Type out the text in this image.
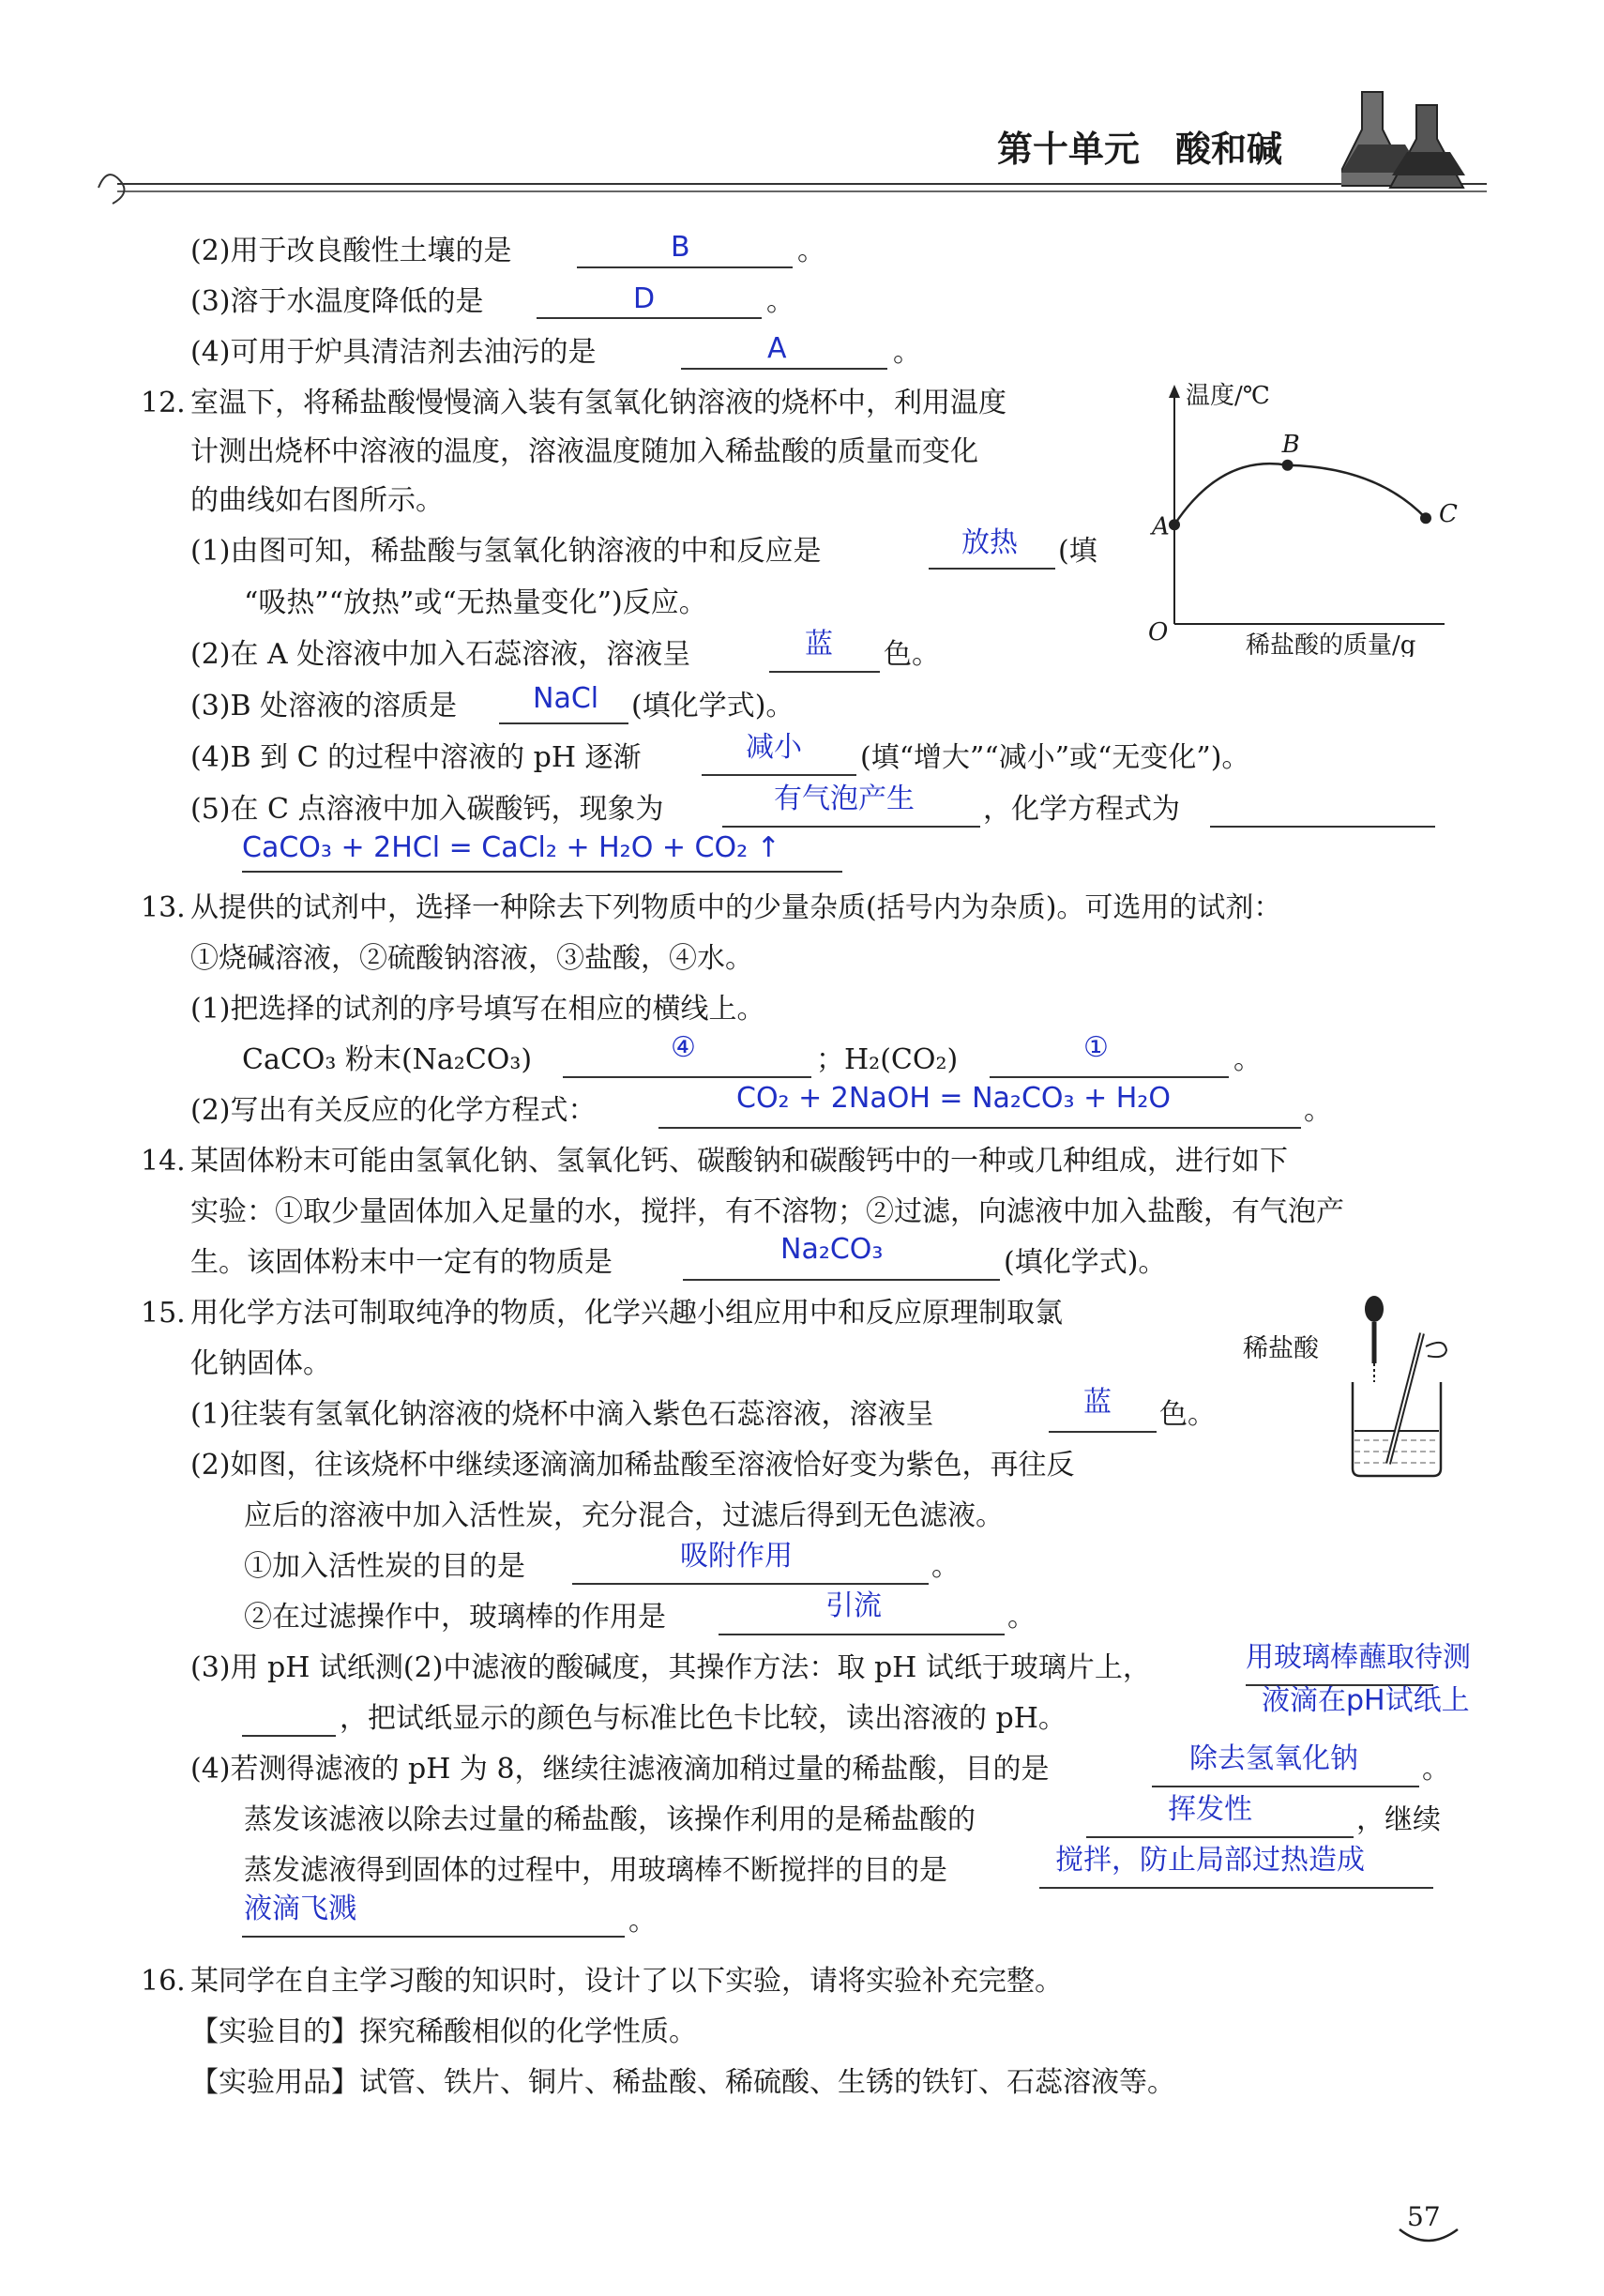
第十单元　酸和碱
(2)用于改良酸性土壤的是	B	。
(3)溶于水温度降低的是	D	。
(4)可用于炉具清洁剂去油污的是	A	。
12. 室温下，将稀盐酸慢慢滴入装有氢氧化钠溶液的烧杯中，利用温度
计测出烧杯中溶液的温度，溶液温度随加入稀盐酸的质量而变化
的曲线如右图所示。
温度/℃
稀盐酸的质量/g
O
A
B
C
(1)由图可知，稀盐酸与氢氧化钠溶液的中和反应是	放热 (填
“吸热”“放热”或“无热量变化”)反应。
(2)在 A 处溶液中加入石蕊溶液，溶液呈	蓝 色。
(3)B 处溶液的溶质是	NaCl (填化学式)。
(4)B 到 C 的过程中溶液的 pH 逐渐	减小 (填“增大”“减小”或“无变化”)。
(5)在 C 点溶液中加入碳酸钙，现象为	有气泡产生 ，化学方程式为
CaCO₃ + 2HCl = CaCl₂ + H₂O + CO₂ ↑
13. 从提供的试剂中，选择一种除去下列物质中的少量杂质(括号内为杂质)。可选用的试剂：
①烧碱溶液，②硫酸钠溶液，③盐酸，④水。
(1)把选择的试剂的序号填写在相应的横线上。
CaCO₃ 粉末(Na₂CO₃)	④	；H₂(CO₂)	①	。
(2)写出有关反应的化学方程式：	CO₂ + 2NaOH = Na₂CO₃ + H₂O	。
14. 某固体粉末可能由氢氧化钠、氢氧化钙、碳酸钠和碳酸钙中的一种或几种组成，进行如下
实验：①取少量固体加入足量的水，搅拌，有不溶物；②过滤，向滤液中加入盐酸，有气泡产
生。该固体粉末中一定有的物质是	Na₂CO₃	(填化学式)。
15. 用化学方法可制取纯净的物质，化学兴趣小组应用中和反应原理制取氯
化钠固体。	稀盐酸
(1)往装有氢氧化钠溶液的烧杯中滴入紫色石蕊溶液，溶液呈	蓝 色。
(2)如图，往该烧杯中继续逐滴滴加稀盐酸至溶液恰好变为紫色，再往反
应后的溶液中加入活性炭，充分混合，过滤后得到无色滤液。
①加入活性炭的目的是	吸附作用	。
②在过滤操作中，玻璃棒的作用是	引流	。
(3)用 pH 试纸测(2)中滤液的酸碱度，其操作方法：取 pH 试纸于玻璃片上，	用玻璃棒蘸取待测
，把试纸显示的颜色与标准比色卡比较，读出溶液的 pH。
液滴在pH试纸上
(4)若测得滤液的 pH 为 8，继续往滤液滴加稍过量的稀盐酸，目的是	除去氢氧化钠 。
蒸发该滤液以除去过量的稀盐酸，该操作利用的是稀盐酸的	挥发性	，继续
蒸发滤液得到固体的过程中，用玻璃棒不断搅拌的目的是	搅拌，防止局部过热造成
液滴飞溅	。
16. 某同学在自主学习酸的知识时，设计了以下实验，请将实验补充完整。
【实验目的】探究稀酸相似的化学性质。
【实验用品】试管、铁片、铜片、稀盐酸、稀硫酸、生锈的铁钉、石蕊溶液等。
57
